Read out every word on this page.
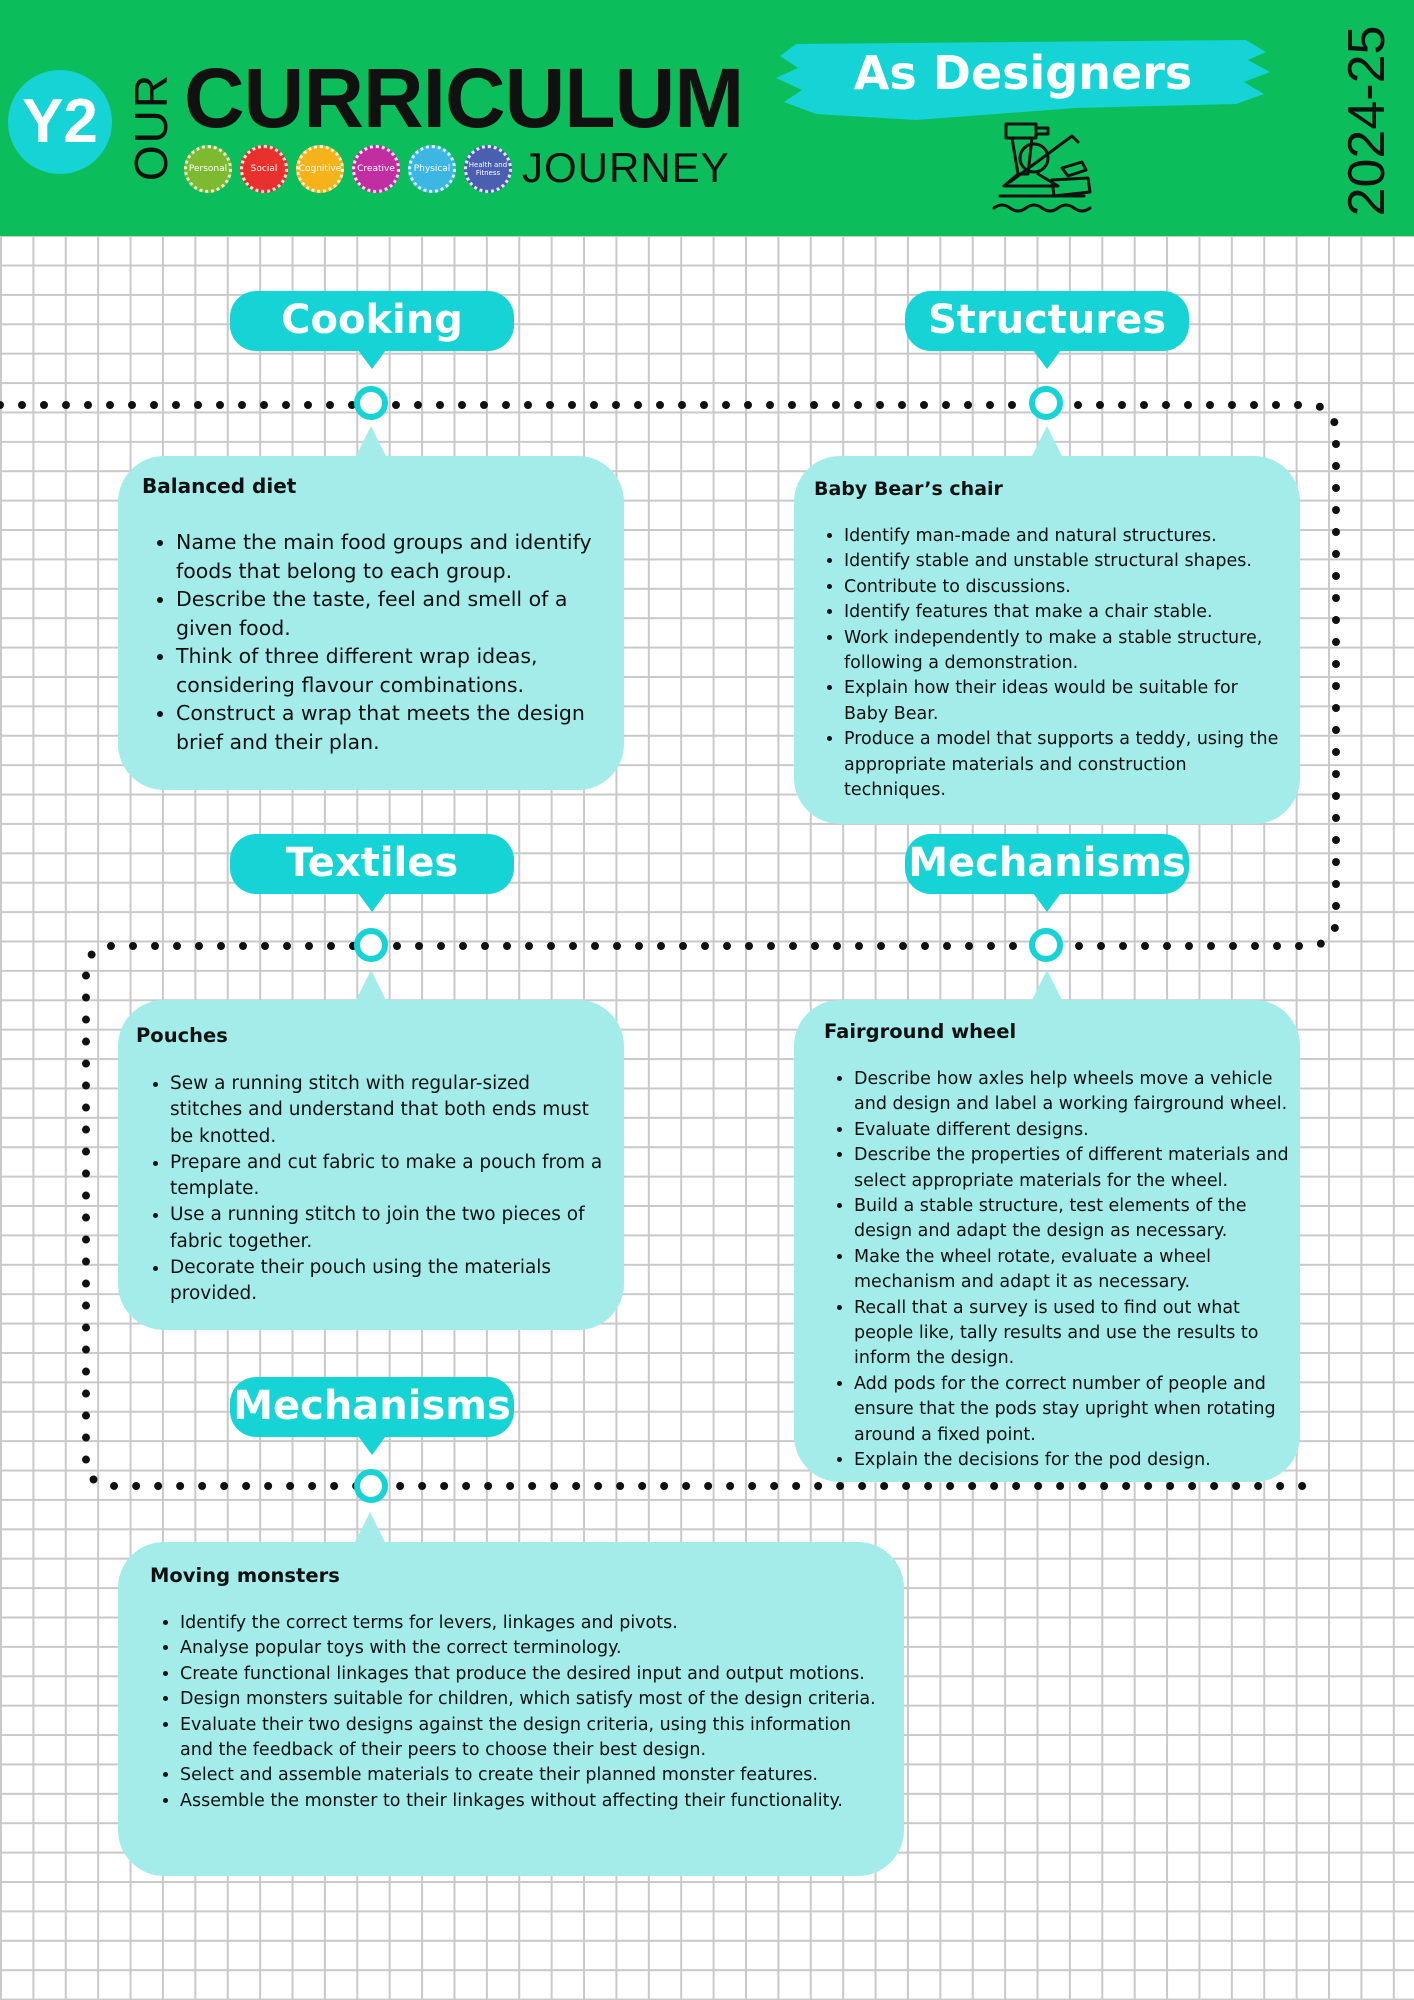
Y2 OUR CURRICULUM
Personal	Social	Cognitive	Creative	Physical	Health and Fitness JOURNEY
As Designers	2024-25
Cooking
Balanced diet
• Name the main food groups and identify foods that belong to each group.
• Describe the taste, feel and smell of a given food.
• Think of three different wrap ideas, considering flavour combinations.
• Construct a wrap that meets the design brief and their plan.
Structures
Baby Bear’s chair
• Identify man-made and natural structures.
• Identify stable and unstable structural shapes.
• Contribute to discussions.
• Identify features that make a chair stable.
• Work independently to make a stable structure, following a demonstration.
• Explain how their ideas would be suitable for Baby Bear.
• Produce a model that supports a teddy, using the appropriate materials and construction techniques.
Textiles
Pouches
• Sew a running stitch with regular-sized stitches and understand that both ends must be knotted.
• Prepare and cut fabric to make a pouch from a template.
• Use a running stitch to join the two pieces of fabric together.
• Decorate their pouch using the materials provided.
Mechanisms
Fairground wheel
• Describe how axles help wheels move a vehicle and design and label a working fairground wheel.
• Evaluate different designs.
• Describe the properties of different materials and select appropriate materials for the wheel.
• Build a stable structure, test elements of the design and adapt the design as necessary.
• Make the wheel rotate, evaluate a wheel mechanism and adapt it as necessary.
• Recall that a survey is used to find out what people like, tally results and use the results to inform the design.
• Add pods for the correct number of people and ensure that the pods stay upright when rotating around a fixed point.
• Explain the decisions for the pod design.
Mechanisms
Moving monsters
• Identify the correct terms for levers, linkages and pivots.
• Analyse popular toys with the correct terminology.
• Create functional linkages that produce the desired input and output motions.
• Design monsters suitable for children, which satisfy most of the design criteria.
• Evaluate their two designs against the design criteria, using this information and the feedback of their peers to choose their best design.
• Select and assemble materials to create their planned monster features.
• Assemble the monster to their linkages without affecting their functionality.
